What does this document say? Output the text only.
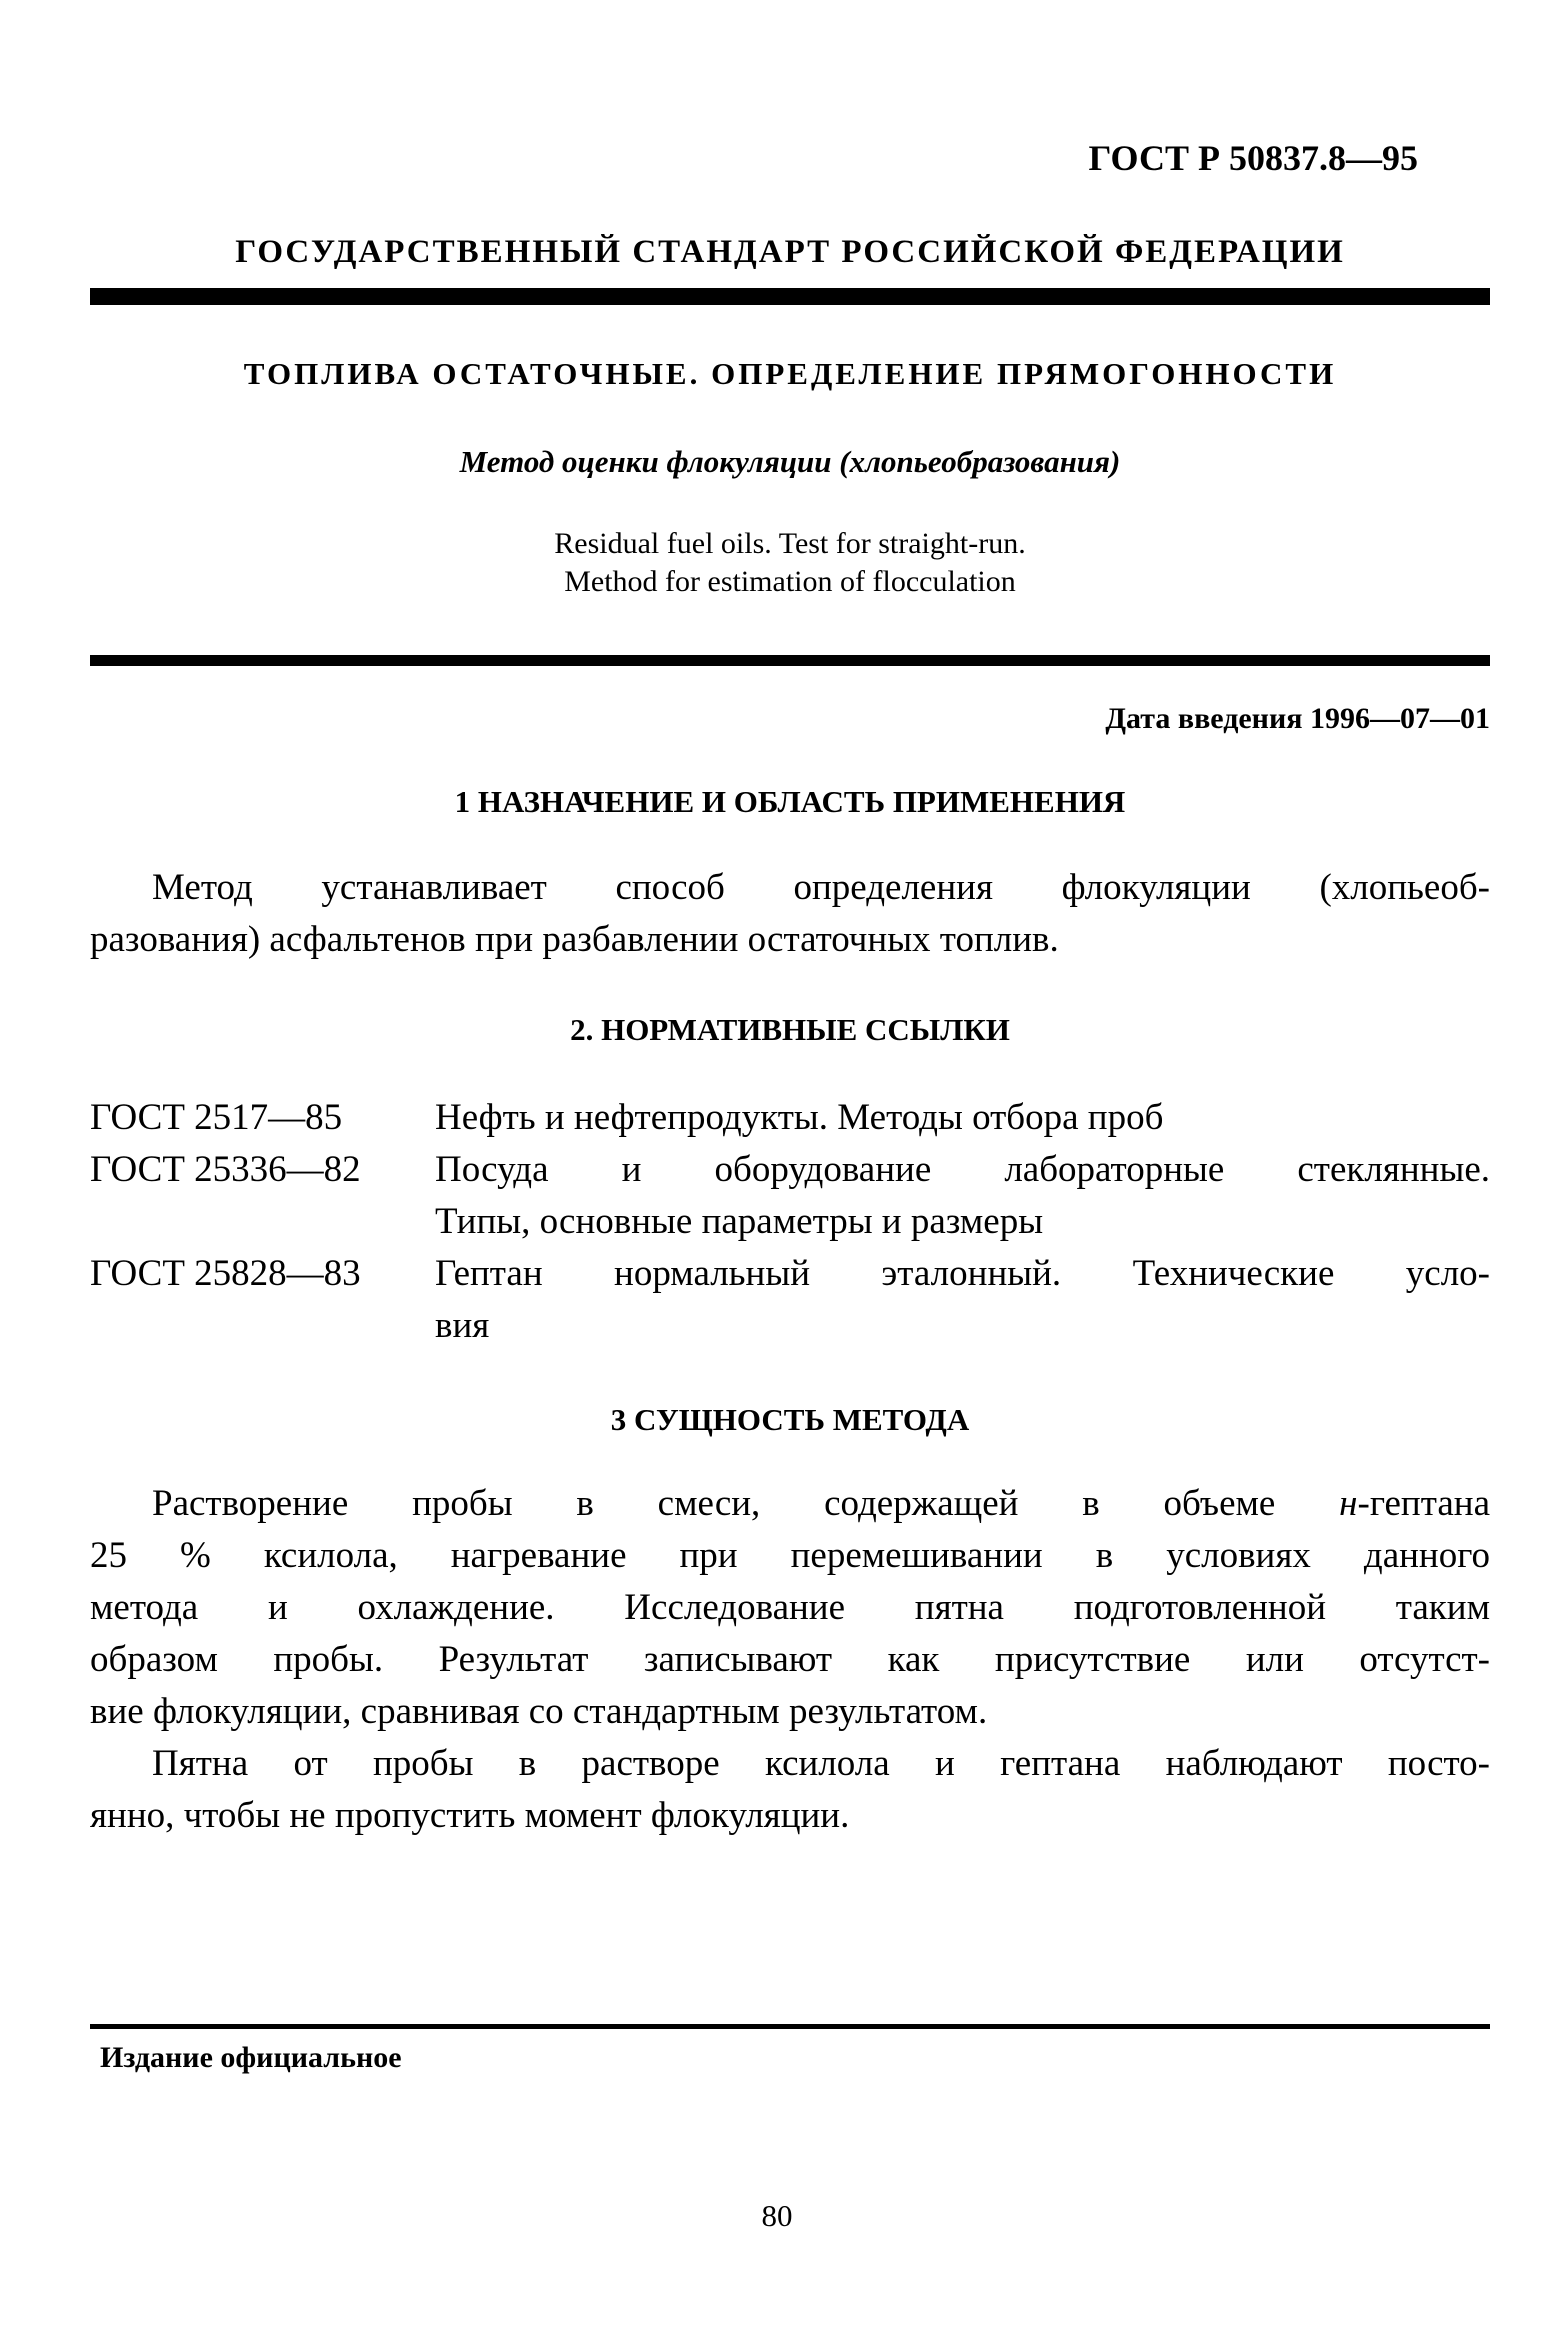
ГОСТ Р 50837.8—95
ГОСУДАРСТВЕННЫЙ СТАНДАРТ РОССИЙСКОЙ ФЕДЕРАЦИИ
ТОПЛИВА ОСТАТОЧНЫЕ. ОПРЕДЕЛЕНИЕ ПРЯМОГОННОСТИ
Метод оценки флокуляции (хлопьеобразования)
Residual fuel oils. Test for straight-run.
Method for estimation of flocculation
Дата введения 1996—07—01
1 НАЗНАЧЕНИЕ И ОБЛАСТЬ ПРИМЕНЕНИЯ
Метод устанавливает способ определения флокуляции (хлопьеоб-
разования) асфальтенов при разбавлении остаточных топлив.
2. НОРМАТИВНЫЕ ССЫЛКИ
ГОСТ 2517—85	Нефть и нефтепродукты. Методы отбора проб
ГОСТ 25336—82 Посуда и оборудование лабораторные стеклянные.
Типы, основные параметры и размеры
ГОСТ 25828—83 Гептан нормальный эталонный. Технические усло-
вия
3 СУЩНОСТЬ МЕТОДА
Растворение пробы в смеси, содержащей в объеме н-гептана
25 % ксилола, нагревание при перемешивании в условиях данного
метода и охлаждение. Исследование пятна подготовленной таким
образом пробы. Результат записывают как присутствие или отсутст-
вие флокуляции, сравнивая со стандартным результатом.
Пятна от пробы в растворе ксилола и гептана наблюдают посто-
янно, чтобы не пропустить момент флокуляции.
Издание официальное
80
